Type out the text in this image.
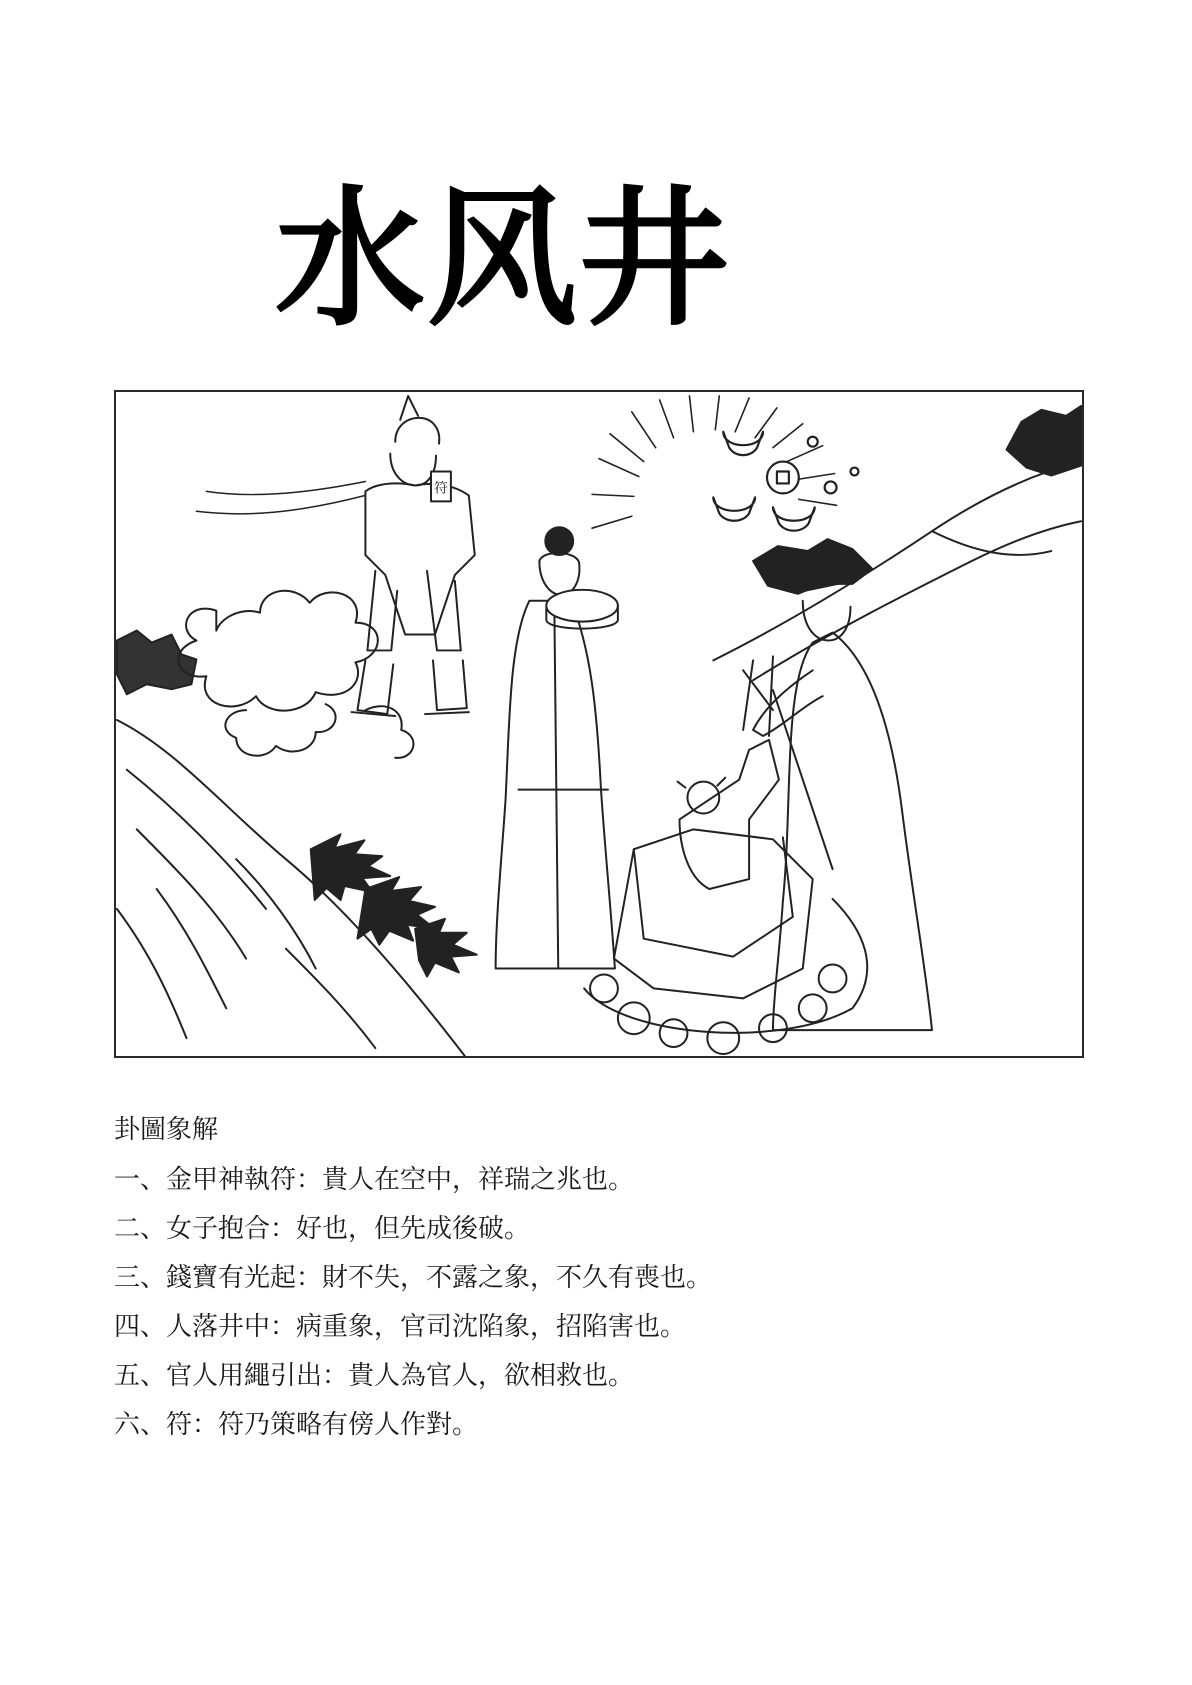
水风井
符

卦圖象解

一、金甲神執符：貴人在空中，祥瑞之兆也。
二、女子抱合：好也，但先成後破。
三、錢寶有光起：財不失，不露之象，不久有喪也。
四、人落井中：病重象，官司沈陷象，招陷害也。
五、官人用繩引出：貴人為官人，欲相救也。
六、符：符乃策略有傍人作對。
